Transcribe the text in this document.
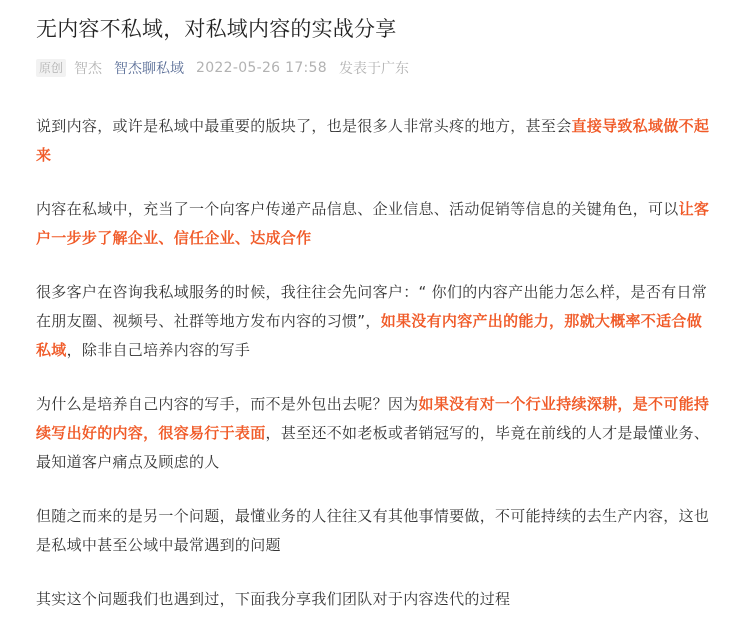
无内容不私域，对私域内容的实战分享
原创 智杰 智杰聊私域 2022-05-26 17:58 发表于广东

说到内容，或许是私域中最重要的版块了，也是很多人非常头疼的地方，甚至会直接导致私域做不起来

内容在私域中，充当了一个向客户传递产品信息、企业信息、活动促销等信息的关键角色，可以让客户一步步了解企业、信任企业、达成合作

很多客户在咨询我私域服务的时候，我往往会先问客户：“ 你们的内容产出能力怎么样，是否有日常在朋友圈、视频号、社群等地方发布内容的习惯”，如果没有内容产出的能力，那就大概率不适合做私域，除非自己培养内容的写手

为什么是培养自己内容的写手，而不是外包出去呢？因为如果没有对一个行业持续深耕，是不可能持续写出好的内容，很容易行于表面，甚至还不如老板或者销冠写的，毕竟在前线的人才是最懂业务、最知道客户痛点及顾虑的人

但随之而来的是另一个问题，最懂业务的人往往又有其他事情要做，不可能持续的去生产内容，这也是私域中甚至公域中最常遇到的问题

其实这个问题我们也遇到过，下面我分享我们团队对于内容迭代的过程
